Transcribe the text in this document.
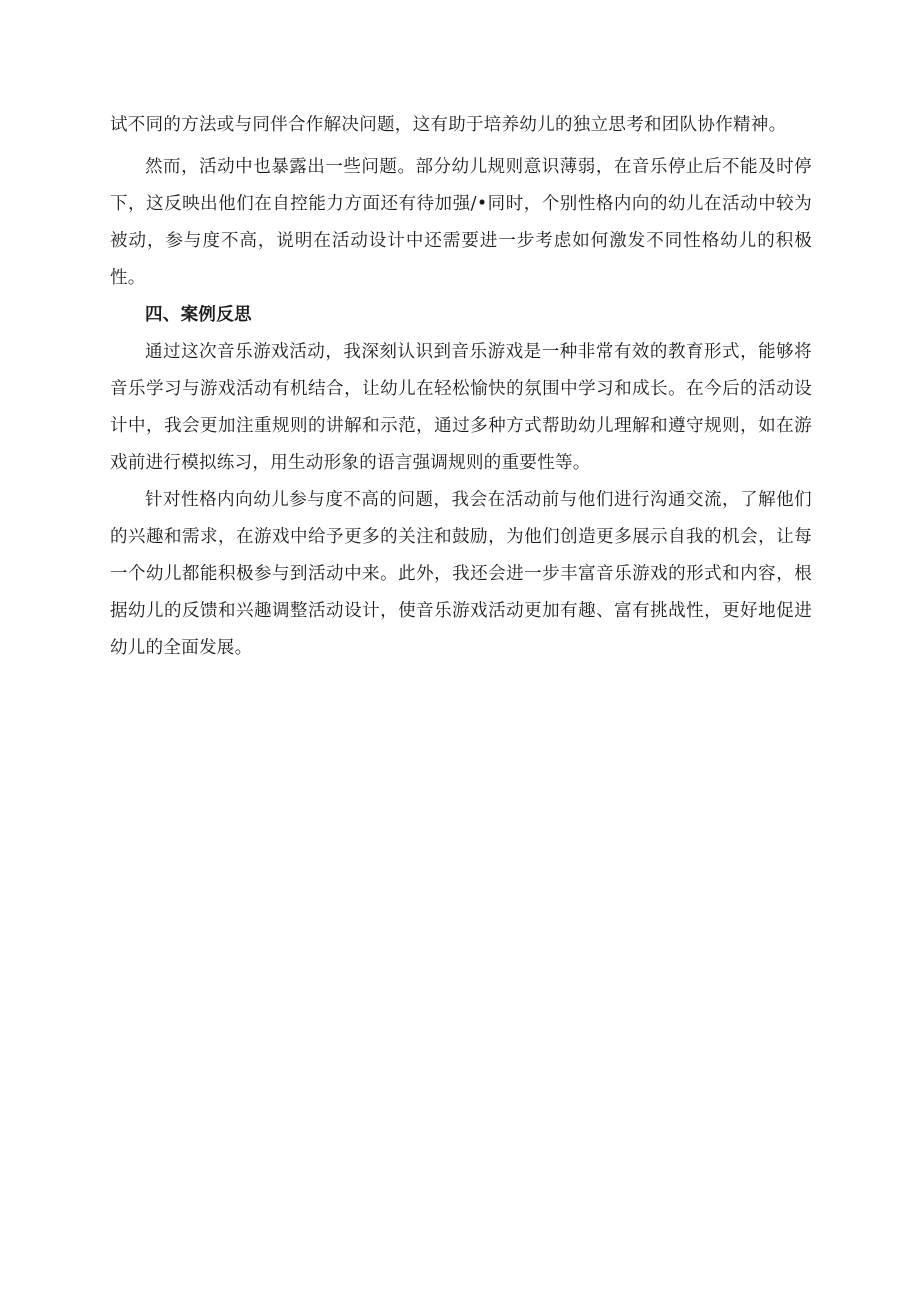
试不同的方法或与同伴合作解决问题，这有助于培养幼儿的独立思考和团队协作精神。

然而，活动中也暴露出一些问题。部分幼儿规则意识薄弱，在音乐停止后不能及时停下，这反映出他们在自控能力方面还有待加强/•同时，个别性格内向的幼儿在活动中较为被动，参与度不高，说明在活动设计中还需要进一步考虑如何激发不同性格幼儿的积极性。

四、案例反思

通过这次音乐游戏活动，我深刻认识到音乐游戏是一种非常有效的教育形式，能够将音乐学习与游戏活动有机结合，让幼儿在轻松愉快的氛围中学习和成长。在今后的活动设计中，我会更加注重规则的讲解和示范，通过多种方式帮助幼儿理解和遵守规则，如在游戏前进行模拟练习，用生动形象的语言强调规则的重要性等。

针对性格内向幼儿参与度不高的问题，我会在活动前与他们进行沟通交流，了解他们的兴趣和需求，在游戏中给予更多的关注和鼓励，为他们创造更多展示自我的机会，让每一个幼儿都能积极参与到活动中来。此外，我还会进一步丰富音乐游戏的形式和内容，根据幼儿的反馈和兴趣调整活动设计，使音乐游戏活动更加有趣、富有挑战性，更好地促进幼儿的全面发展。
